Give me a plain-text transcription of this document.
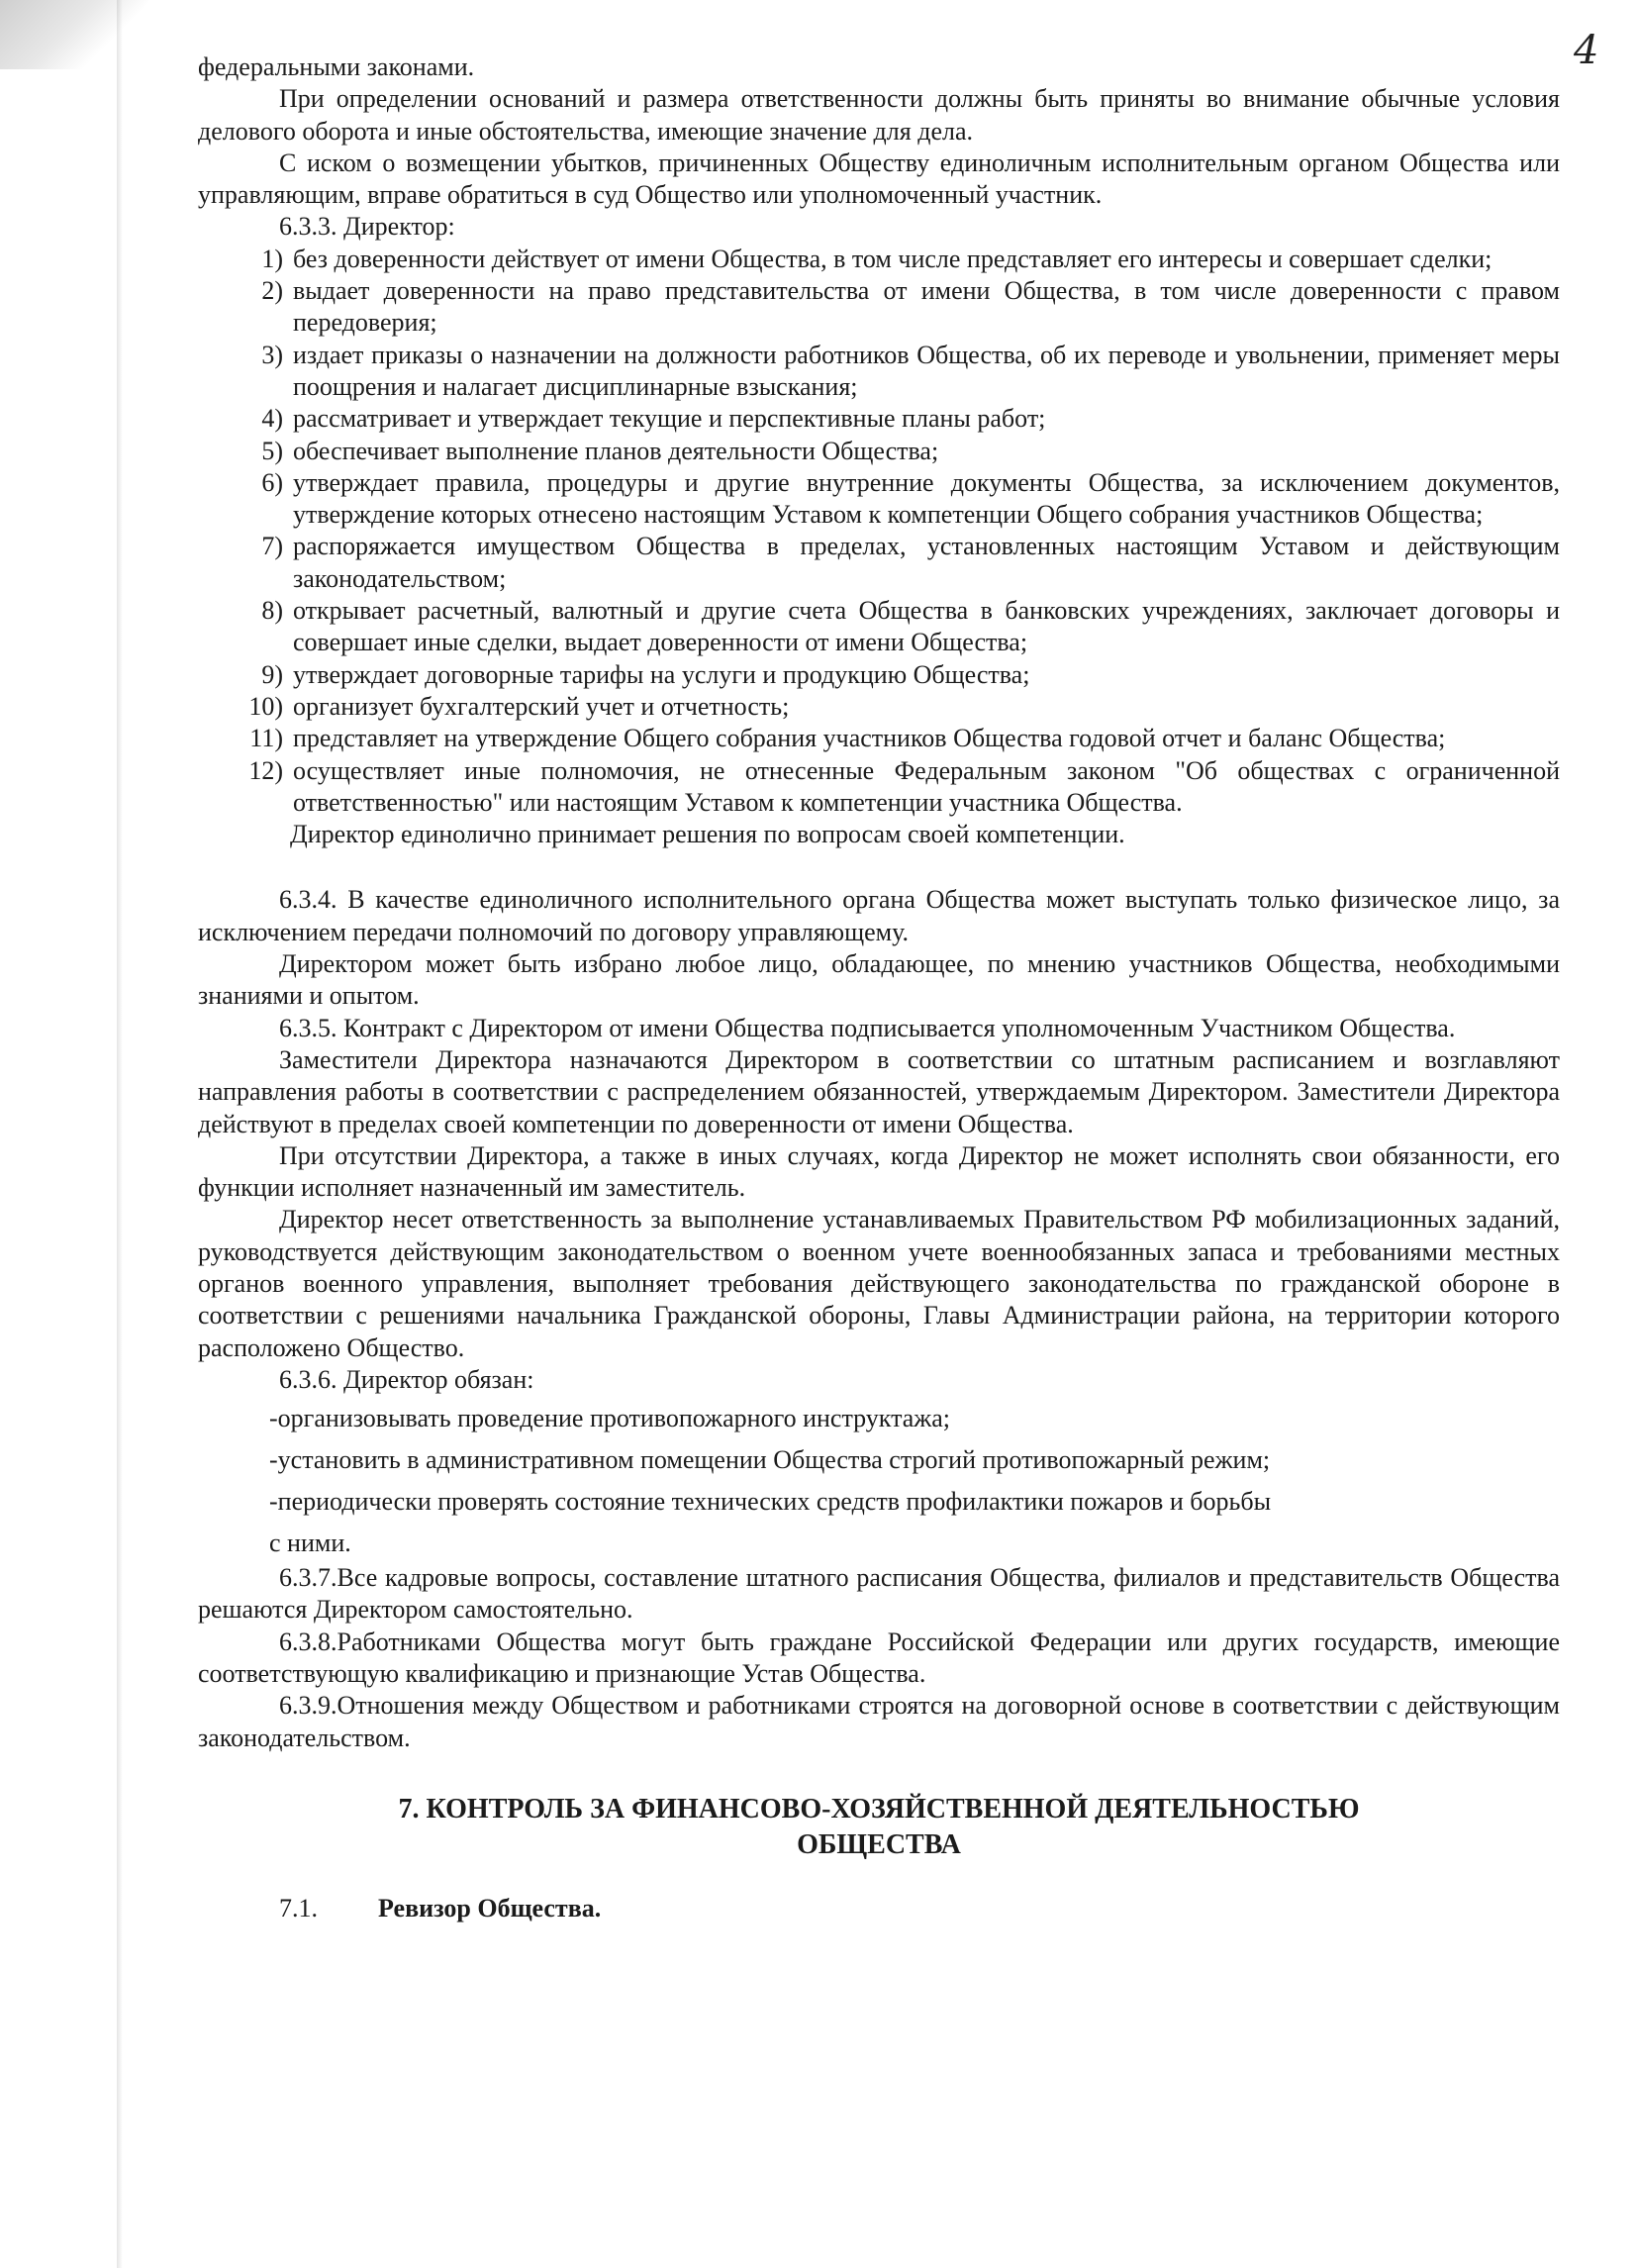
4

федеральными законами.

При определении оснований и размера ответственности должны быть приняты во внимание обычные условия делового оборота и иные обстоятельства, имеющие значение для дела.

С иском о возмещении убытков, причиненных Обществу единоличным исполнительным органом Общества или управляющим, вправе обратиться в суд Общество или уполномоченный участник.

6.3.3. Директор:

1) без доверенности действует от имени Общества, в том числе представляет его интересы и совершает сделки;
2) выдает доверенности на право представительства от имени Общества, в том числе доверенности с правом передоверия;
3) издает приказы о назначении на должности работников Общества, об их переводе и увольнении, применяет меры поощрения и налагает дисциплинарные взыскания;
4) рассматривает и утверждает текущие и перспективные планы работ;
5) обеспечивает выполнение планов деятельности Общества;
6) утверждает правила, процедуры и другие внутренние документы Общества, за исключением документов, утверждение которых отнесено настоящим Уставом к компетенции Общего собрания участников Общества;
7) распоряжается имуществом Общества в пределах, установленных настоящим Уставом и действующим законодательством;
8) открывает расчетный, валютный и другие счета Общества в банковских учреждениях, заключает договоры и совершает иные сделки, выдает доверенности от имени Общества;
9) утверждает договорные тарифы на услуги и продукцию Общества;
10) организует бухгалтерский учет и отчетность;
11) представляет на утверждение Общего собрания участников Общества годовой отчет и баланс Общества;
12) осуществляет иные полномочия, не отнесенные Федеральным законом "Об обществах с ограниченной ответственностью" или настоящим Уставом к компетенции участника Общества.

Директор единолично принимает решения по вопросам своей компетенции.

6.3.4. В качестве единоличного исполнительного органа Общества может выступать только физическое лицо, за исключением передачи полномочий по договору управляющему.

Директором может быть избрано любое лицо, обладающее, по мнению участников Общества, необходимыми знаниями и опытом.

6.3.5. Контракт с Директором от имени Общества подписывается уполномоченным Участником Общества.

Заместители Директора назначаются Директором в соответствии со штатным расписанием и возглавляют направления работы в соответствии с распределением обязанностей, утверждаемым Директором. Заместители Директора действуют в пределах своей компетенции по доверенности от имени Общества.

При отсутствии Директора, а также в иных случаях, когда Директор не может исполнять свои обязанности, его функции исполняет назначенный им заместитель.

Директор несет ответственность за выполнение устанавливаемых Правительством РФ мобилизационных заданий, руководствуется действующим законодательством о военном учете военнообязанных запаса и требованиями местных органов военного управления, выполняет требования действующего законодательства по гражданской обороне в соответствии с решениями начальника Гражданской обороны, Главы Администрации района, на территории которого расположено Общество.

6.3.6. Директор обязан:

-организовывать проведение противопожарного инструктажа;

-установить в административном помещении Общества строгий противопожарный режим;

-периодически проверять состояние технических средств профилактики пожаров и борьбы

с ними.

6.3.7.Все кадровые вопросы, составление штатного расписания Общества, филиалов и представительств Общества решаются Директором самостоятельно.

6.3.8.Работниками Общества могут быть граждане Российской Федерации или других государств, имеющие соответствующую квалификацию и признающие Устав Общества.

6.3.9.Отношения между Обществом и работниками строятся на договорной основе в соответствии с действующим законодательством.

7. КОНТРОЛЬ ЗА ФИНАНСОВО-ХОЗЯЙСТВЕННОЙ ДЕЯТЕЛЬНОСТЬЮ
ОБЩЕСТВА

7.1. Ревизор Общества.
